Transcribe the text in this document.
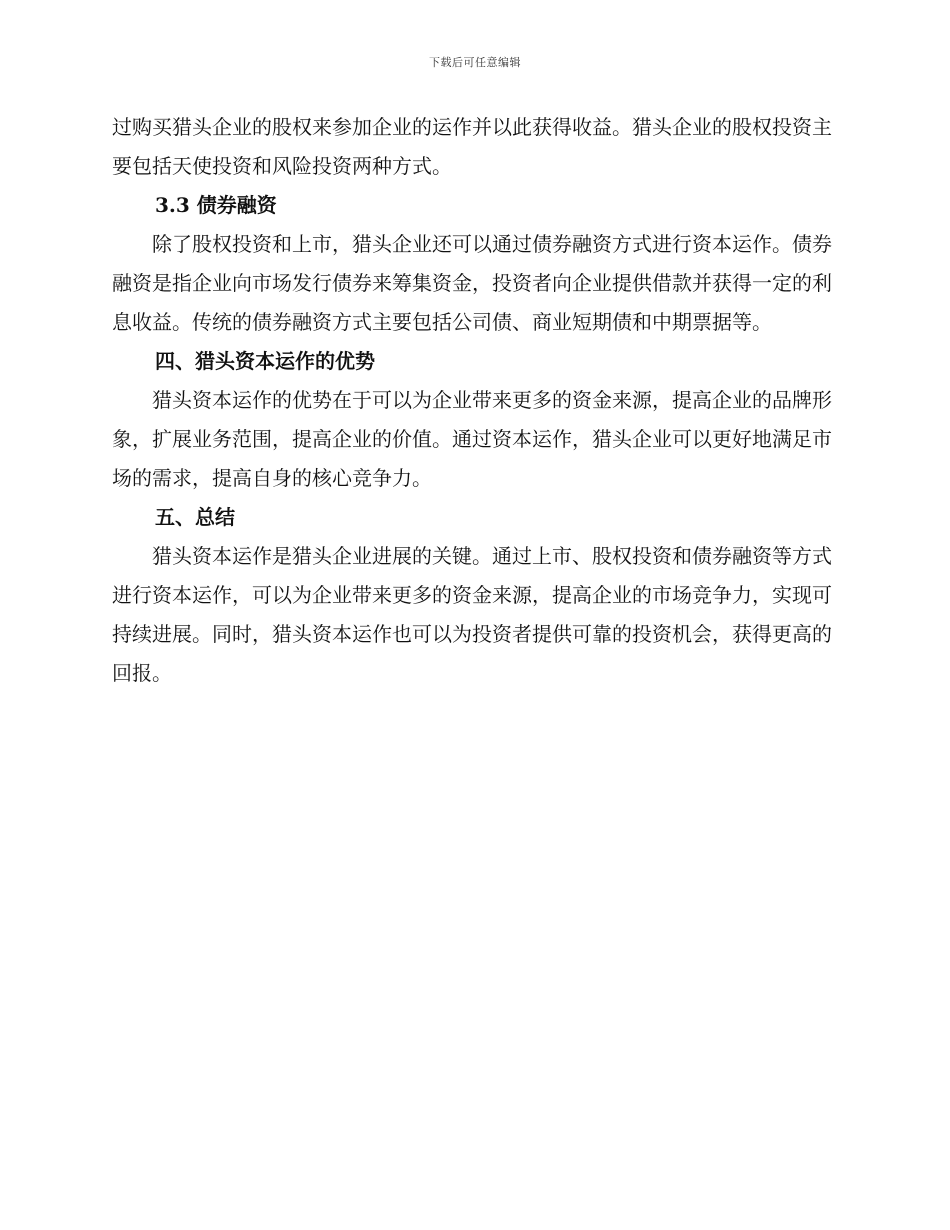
下载后可任意编辑

过购买猎头企业的股权来参加企业的运作并以此获得收益。猎头企业的股权投资主要包括天使投资和风险投资两种方式。

3.3 债券融资

除了股权投资和上市，猎头企业还可以通过债券融资方式进行资本运作。债券融资是指企业向市场发行债券来筹集资金，投资者向企业提供借款并获得一定的利息收益。传统的债券融资方式主要包括公司债、商业短期债和中期票据等。

四、猎头资本运作的优势

猎头资本运作的优势在于可以为企业带来更多的资金来源，提高企业的品牌形象，扩展业务范围，提高企业的价值。通过资本运作，猎头企业可以更好地满足市场的需求，提高自身的核心竞争力。

五、总结

猎头资本运作是猎头企业进展的关键。通过上市、股权投资和债券融资等方式进行资本运作，可以为企业带来更多的资金来源，提高企业的市场竞争力，实现可持续进展。同时，猎头资本运作也可以为投资者提供可靠的投资机会，获得更高的回报。
